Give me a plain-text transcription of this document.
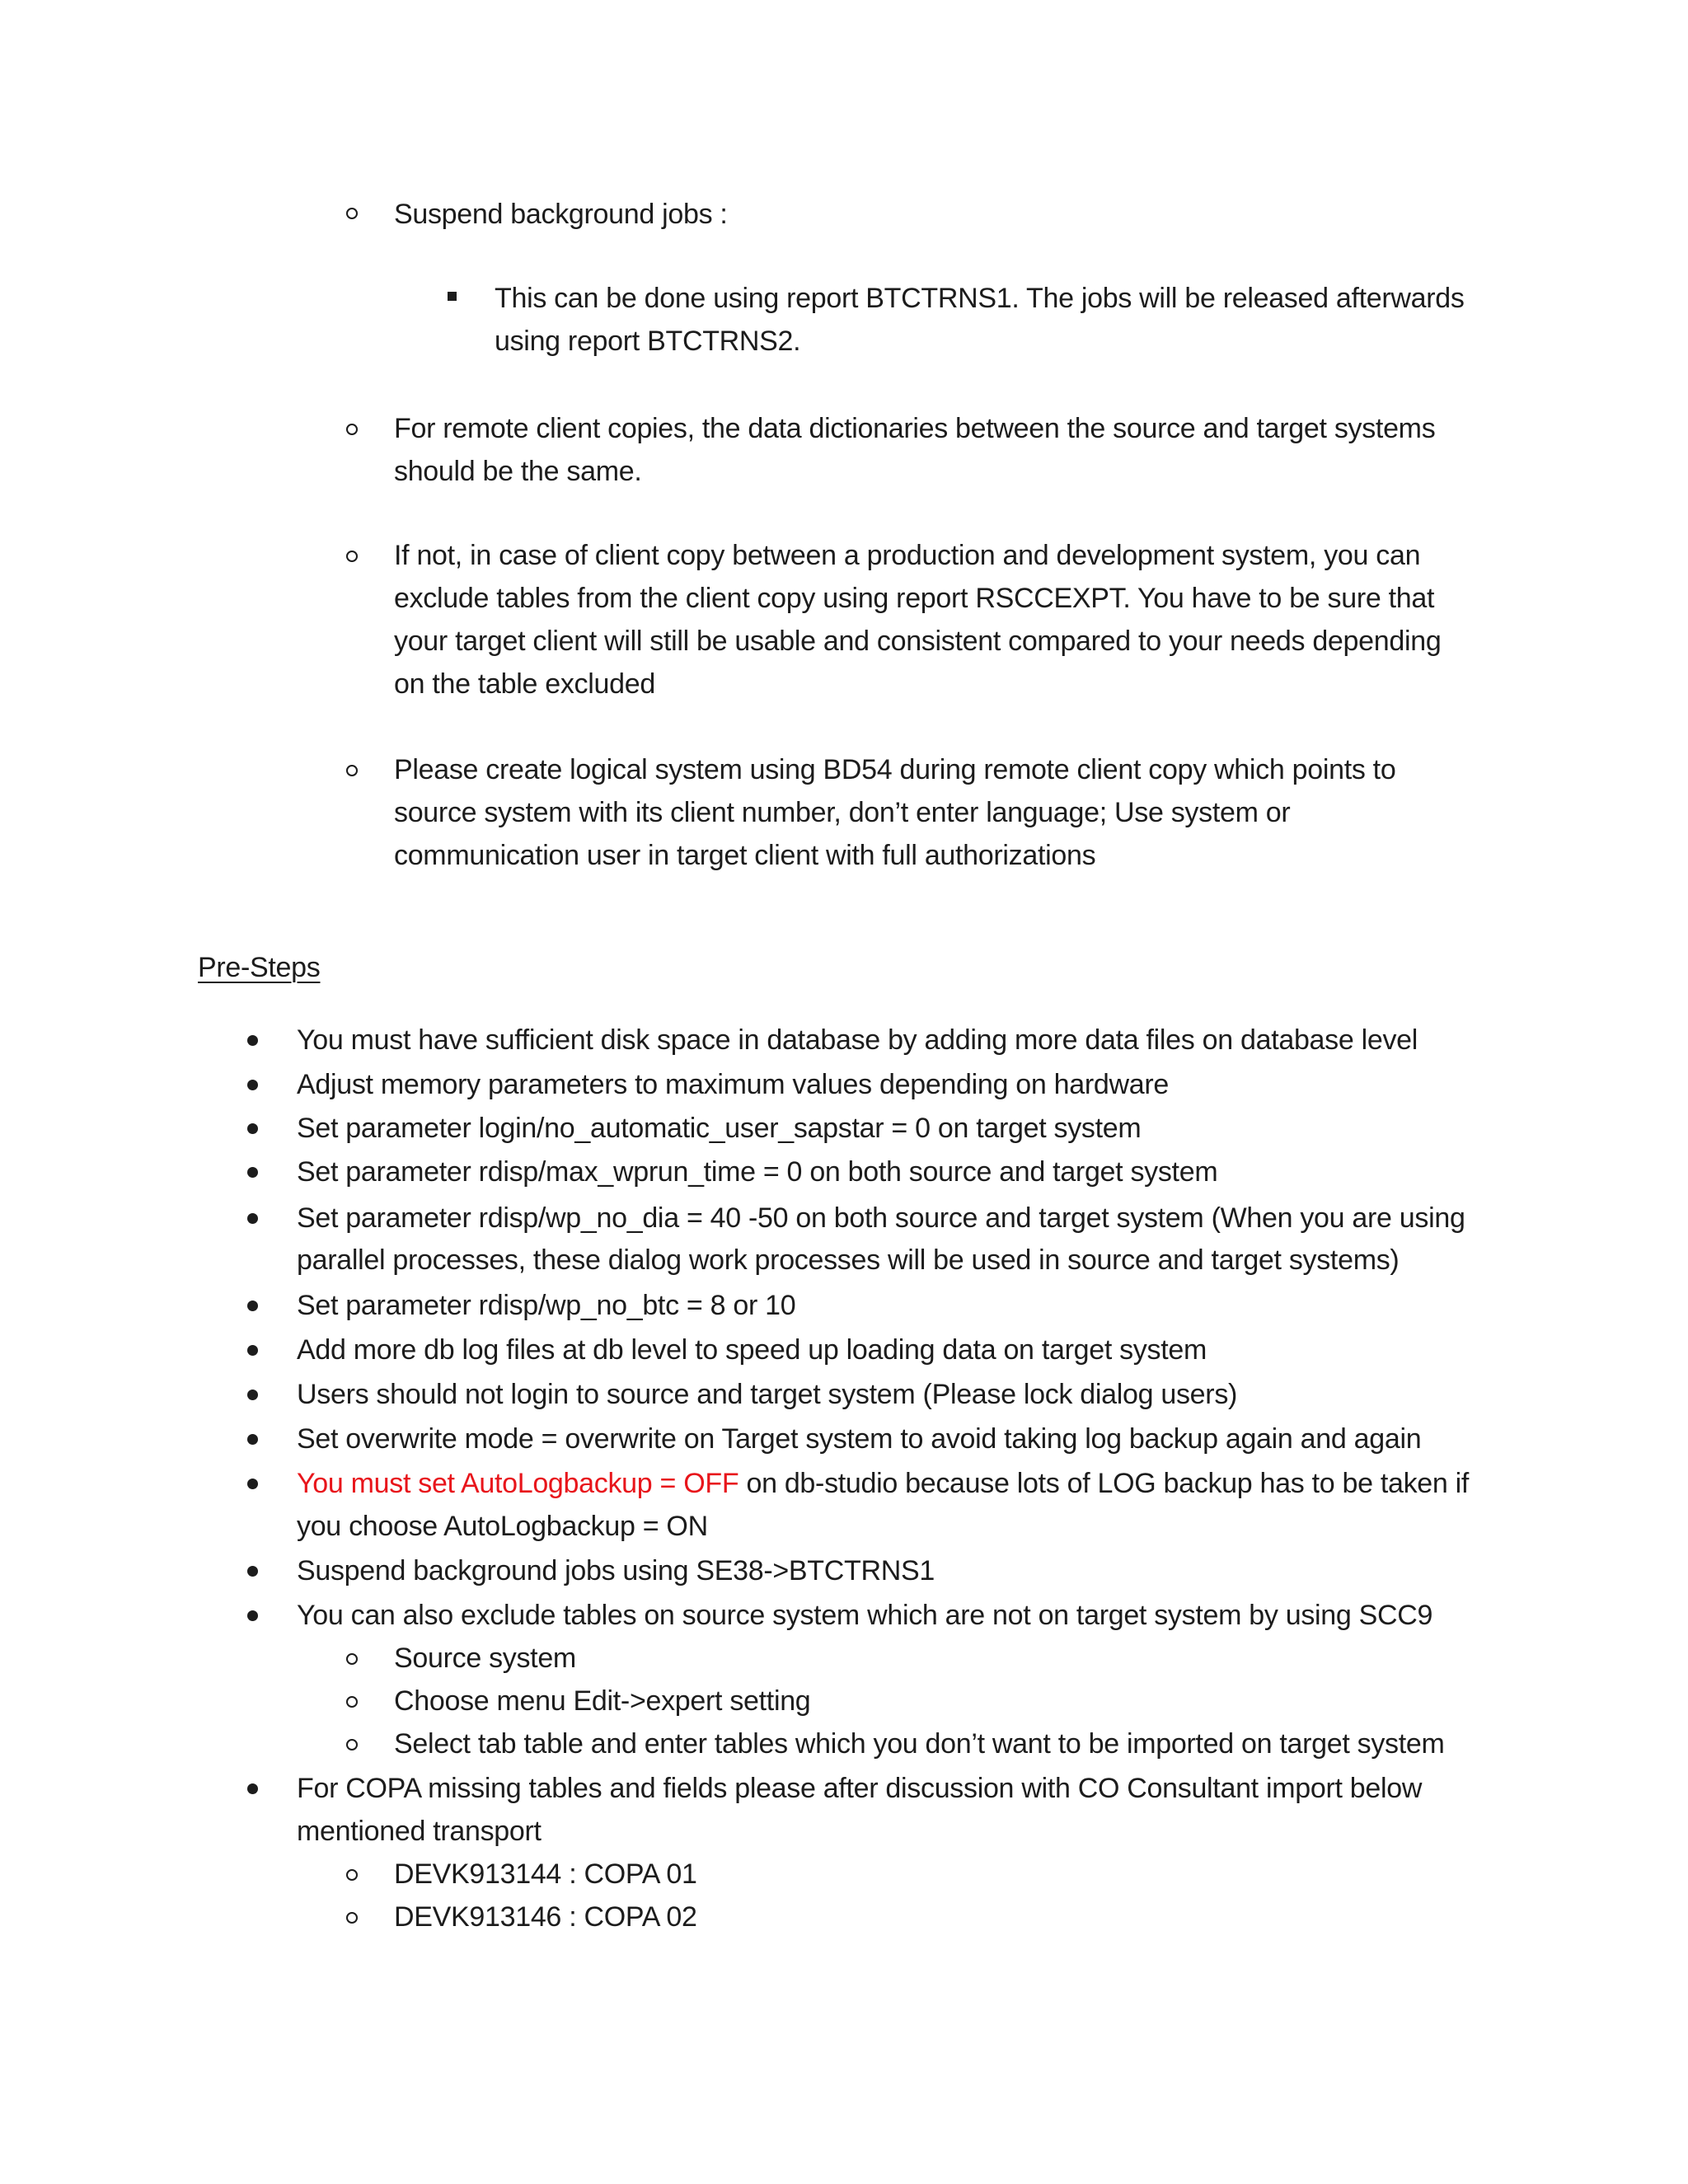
Suspend background jobs :
This can be done using report BTCTRNS1. The jobs will be released afterwards
using report BTCTRNS2.
For remote client copies, the data dictionaries between the source and target systems
should be the same.
If not, in case of client copy between a production and development system, you can
exclude tables from the client copy using report RSCCEXPT. You have to be sure that
your target client will still be usable and consistent compared to your needs depending
on the table excluded
Please create logical system using BD54 during remote client copy which points to
source system with its client number, don’t enter language; Use system or
communication user in target client with full authorizations
Pre-Steps
You must have sufficient disk space in database by adding more data files on database level
Adjust memory parameters to maximum values depending on hardware
Set parameter login/no_automatic_user_sapstar = 0 on target system
Set parameter rdisp/max_wprun_time = 0 on both source and target system
Set parameter rdisp/wp_no_dia = 40 -50 on both source and target system (When you are using
parallel processes, these dialog work processes will be used in source and target systems)
Set parameter rdisp/wp_no_btc = 8 or 10
Add more db log files at db level to speed up loading data on target system
Users should not login to source and target system (Please lock dialog users)
Set overwrite mode = overwrite on Target system to avoid taking log backup again and again
You must set AutoLogbackup = OFF on db-studio because lots of LOG backup has to be taken if
you choose AutoLogbackup = ON
Suspend background jobs using SE38->BTCTRNS1
You can also exclude tables on source system which are not on target system by using SCC9
Source system
Choose menu Edit->expert setting
Select tab table and enter tables which you don’t want to be imported on target system
For COPA missing tables and fields please after discussion with CO Consultant import below
mentioned transport
DEVK913144 : COPA 01
DEVK913146 : COPA 02
